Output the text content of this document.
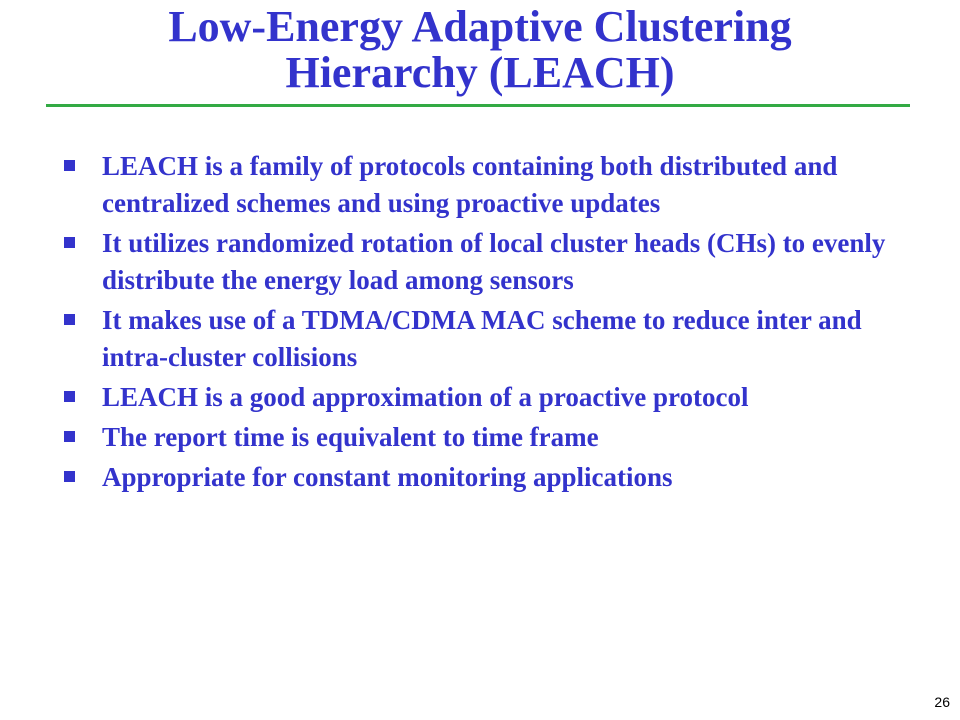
Low-Energy Adaptive Clustering
Hierarchy (LEACH)
LEACH is a family of protocols containing both distributed and centralized schemes and using proactive updates
It utilizes randomized rotation of local cluster heads (CHs) to evenly distribute the energy load among sensors
It makes use of a TDMA/CDMA MAC scheme to reduce inter and intra-cluster collisions
LEACH is a good approximation of a proactive protocol
The report time is equivalent to time frame
Appropriate for constant monitoring applications
26
